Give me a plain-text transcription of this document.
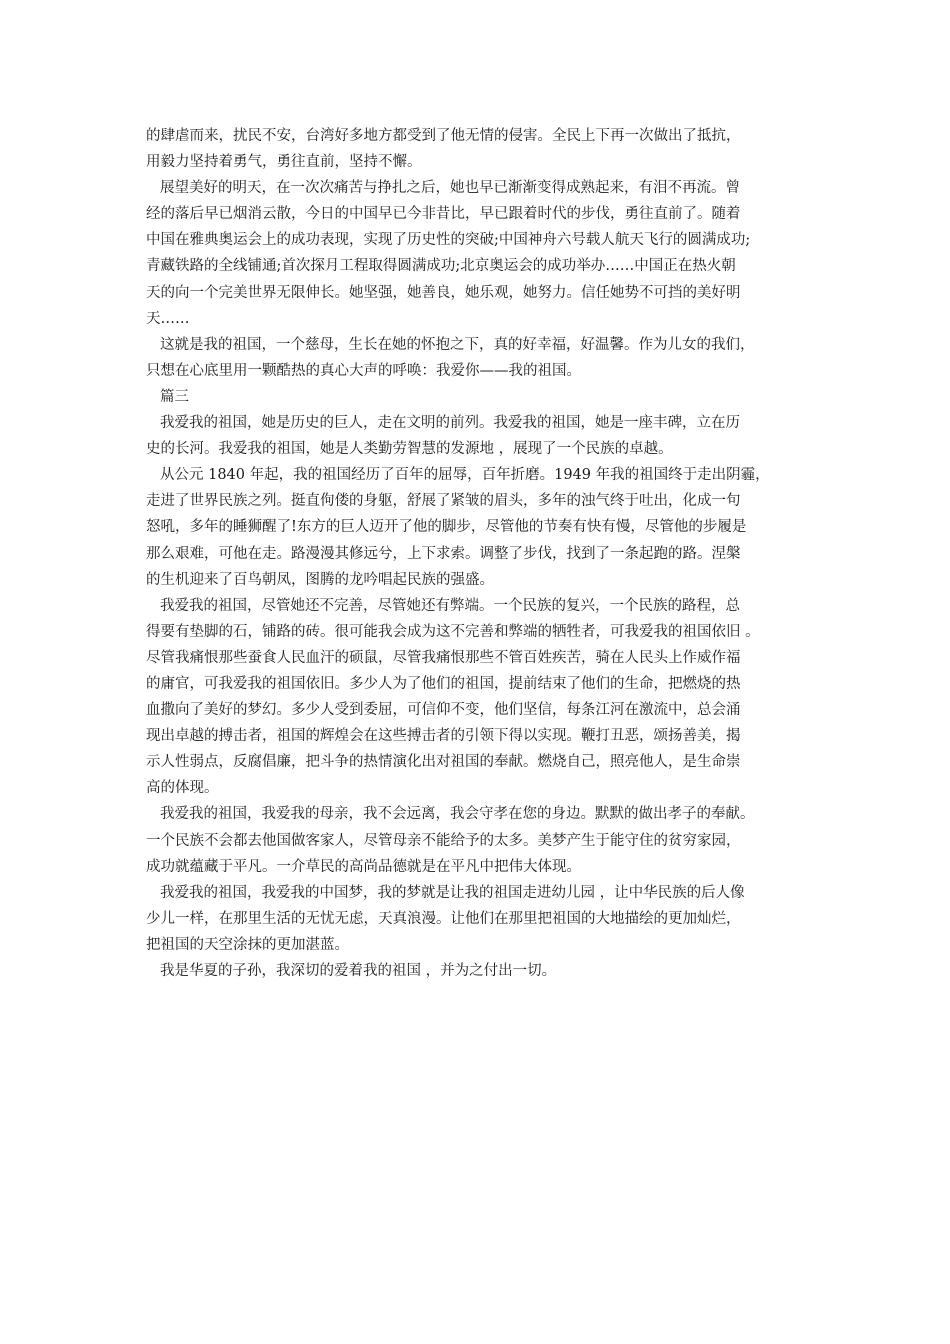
的肆虐而来，扰民不安，台湾好多地方都受到了他无情的侵害。全民上下再一次做出了抵抗，
用毅力坚持着勇气，勇往直前，坚持不懈。
展望美好的明天，在一次次痛苦与挣扎之后，她也早已渐渐变得成熟起来，有泪不再流。曾
经的落后早已烟消云散，今日的中国早已今非昔比，早已跟着时代的步伐，勇往直前了。随着
中国在雅典奥运会上的成功表现，实现了历史性的突破;中国神舟六号载人航天飞行的圆满成功;
青藏铁路的全线铺通;首次探月工程取得圆满成功;北京奥运会的成功举办……中国正在热火朝
天的向一个完美世界无限伸长。她坚强，她善良，她乐观，她努力。信任她势不可挡的美好明
天……
这就是我的祖国，一个慈母，生长在她的怀抱之下，真的好幸福，好温馨。作为儿女的我们，
只想在心底里用一颗酷热的真心大声的呼唤：我爱你——我的祖国。
篇三
我爱我的祖国，她是历史的巨人，走在文明的前列。我爱我的祖国，她是一座丰碑，立在历
史的长河。我爱我的祖国，她是人类勤劳智慧的发源地 ，展现了一个民族的卓越。
从公元 1840 年起，我的祖国经历了百年的屈辱，百年折磨。1949 年我的祖国终于走出阴霾，
走进了世界民族之列。挺直佝偻的身躯，舒展了紧皱的眉头，多年的浊气终于吐出，化成一句
怒吼，多年的睡狮醒了!东方的巨人迈开了他的脚步，尽管他的节奏有快有慢，尽管他的步履是
那么艰难，可他在走。路漫漫其修远兮，上下求索。调整了步伐，找到了一条起跑的路。涅槃
的生机迎来了百鸟朝凤，图腾的龙吟唱起民族的强盛。
我爱我的祖国，尽管她还不完善，尽管她还有弊端。一个民族的复兴，一个民族的路程，总
得要有垫脚的石，铺路的砖。很可能我会成为这不完善和弊端的牺牲者，可我爱我的祖国依旧 。
尽管我痛恨那些蚕食人民血汗的硕鼠，尽管我痛恨那些不管百姓疾苦，骑在人民头上作威作福
的庸官，可我爱我的祖国依旧。多少人为了他们的祖国，提前结束了他们的生命，把燃烧的热
血撒向了美好的梦幻。多少人受到委屈，可信仰不变，他们坚信，每条江河在激流中，总会涌
现出卓越的搏击者，祖国的辉煌会在这些搏击者的引领下得以实现。鞭打丑恶，颂扬善美，揭
示人性弱点，反腐倡廉，把斗争的热情演化出对祖国的奉献。燃烧自己，照亮他人，是生命崇
高的体现。
我爱我的祖国，我爱我的母亲，我不会远离，我会守孝在您的身边。默默的做出孝子的奉献。
一个民族不会都去他国做客家人，尽管母亲不能给予的太多。美梦产生于能守住的贫穷家园，
成功就蕴藏于平凡。一介草民的高尚品德就是在平凡中把伟大体现。
我爱我的祖国，我爱我的中国梦，我的梦就是让我的祖国走进幼儿园 ，让中华民族的后人像
少儿一样，在那里生活的无忧无虑，天真浪漫。让他们在那里把祖国的大地描绘的更加灿烂，
把祖国的天空涂抹的更加湛蓝。
我是华夏的子孙，我深切的爱着我的祖国 ，并为之付出一切。
